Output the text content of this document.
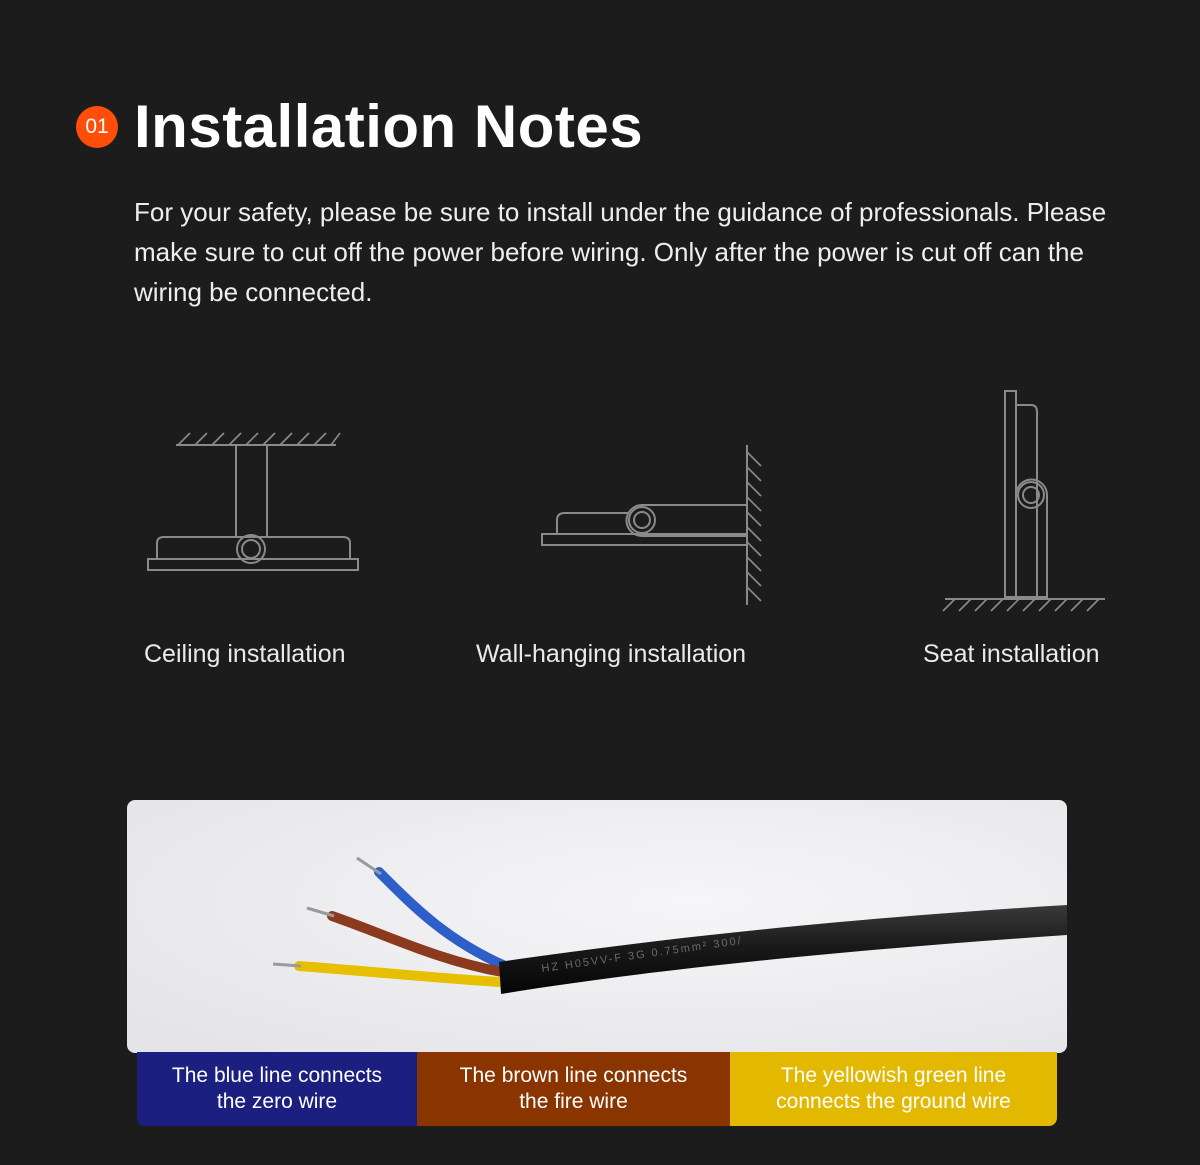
01 Installation Notes
For your safety, please be sure to install under the guidance of professionals. Please make sure to cut off the power before wiring. Only after the power is cut off can the wiring be connected.
Ceiling installation	Wall-hanging installation	Seat installation
HZ H05VV-F 3G 0.75mm² 300/
The blue line connects
the zero wire
The brown line connects
the fire wire
The yellowish green line
connects the ground wire
